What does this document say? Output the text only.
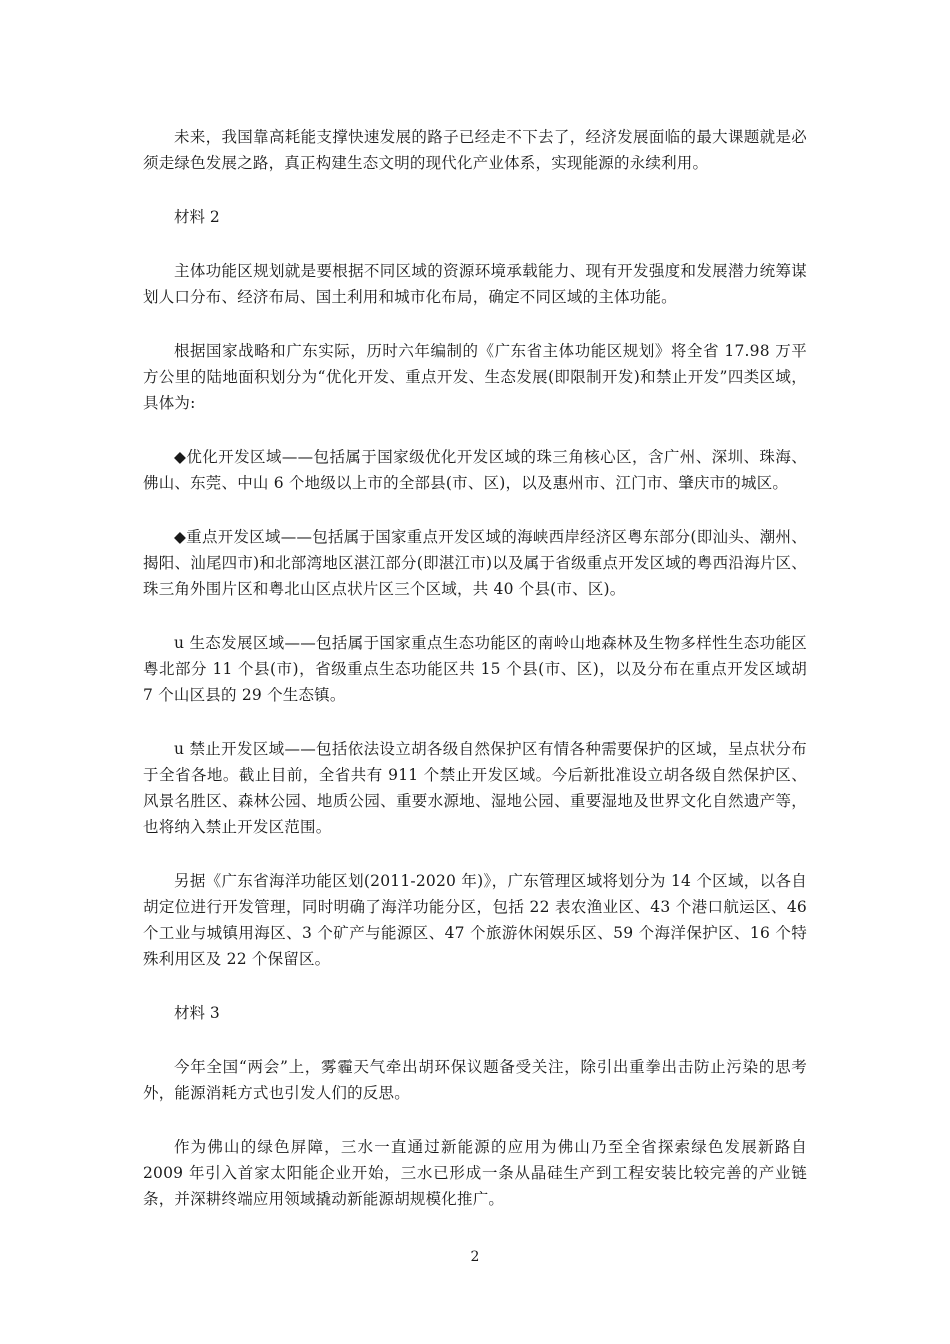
未来，我国靠高耗能支撑快速发展的路子已经走不下去了，经济发展面临的最大课题就是必须走绿色发展之路，真正构建生态文明的现代化产业体系，实现能源的永续利用。

材料 2

主体功能区规划就是要根据不同区域的资源环境承载能力、现有开发强度和发展潜力统筹谋划人口分布、经济布局、国土利用和城市化布局，确定不同区域的主体功能。

根据国家战略和广东实际，历时六年编制的《广东省主体功能区规划》将全省 17.98 万平方公里的陆地面积划分为“优化开发、重点开发、生态发展(即限制开发)和禁止开发”四类区域，具体为:

◆优化开发区域——包括属于国家级优化开发区域的珠三角核心区，含广州、深圳、珠海、佛山、东莞、中山 6 个地级以上市的全部县(市、区)，以及惠州市、江门市、肇庆市的城区。

◆重点开发区域——包括属于国家重点开发区域的海峡西岸经济区粤东部分(即汕头、潮州、揭阳、汕尾四市)和北部湾地区湛江部分(即湛江市)以及属于省级重点开发区域的粤西沿海片区、珠三角外围片区和粤北山区点状片区三个区域，共 40 个县(市、区)。

u 生态发展区域——包括属于国家重点生态功能区的南岭山地森林及生物多样性生态功能区粤北部分 11 个县(市)，省级重点生态功能区共 15 个县(市、区)，以及分布在重点开发区域胡 7 个山区县的 29 个生态镇。

u 禁止开发区域——包括依法设立胡各级自然保护区有情各种需要保护的区域，呈点状分布于全省各地。截止目前，全省共有 911 个禁止开发区域。今后新批准设立胡各级自然保护区、风景名胜区、森林公园、地质公园、重要水源地、湿地公园、重要湿地及世界文化自然遗产等，也将纳入禁止开发区范围。

另据《广东省海洋功能区划(2011-2020 年)》，广东管理区域将划分为 14 个区域，以各自胡定位进行开发管理，同时明确了海洋功能分区，包括 22 表农渔业区、43 个港口航运区、46 个工业与城镇用海区、3 个矿产与能源区、47 个旅游休闲娱乐区、59 个海洋保护区、16 个特殊利用区及 22 个保留区。

材料 3

今年全国“两会”上，雾霾天气牵出胡环保议题备受关注，除引出重拳出击防止污染的思考外，能源消耗方式也引发人们的反思。

作为佛山的绿色屏障，三水一直通过新能源的应用为佛山乃至全省探索绿色发展新路自 2009 年引入首家太阳能企业开始，三水已形成一条从晶硅生产到工程安装比较完善的产业链条，并深耕终端应用领域撬动新能源胡规模化推广。

2
